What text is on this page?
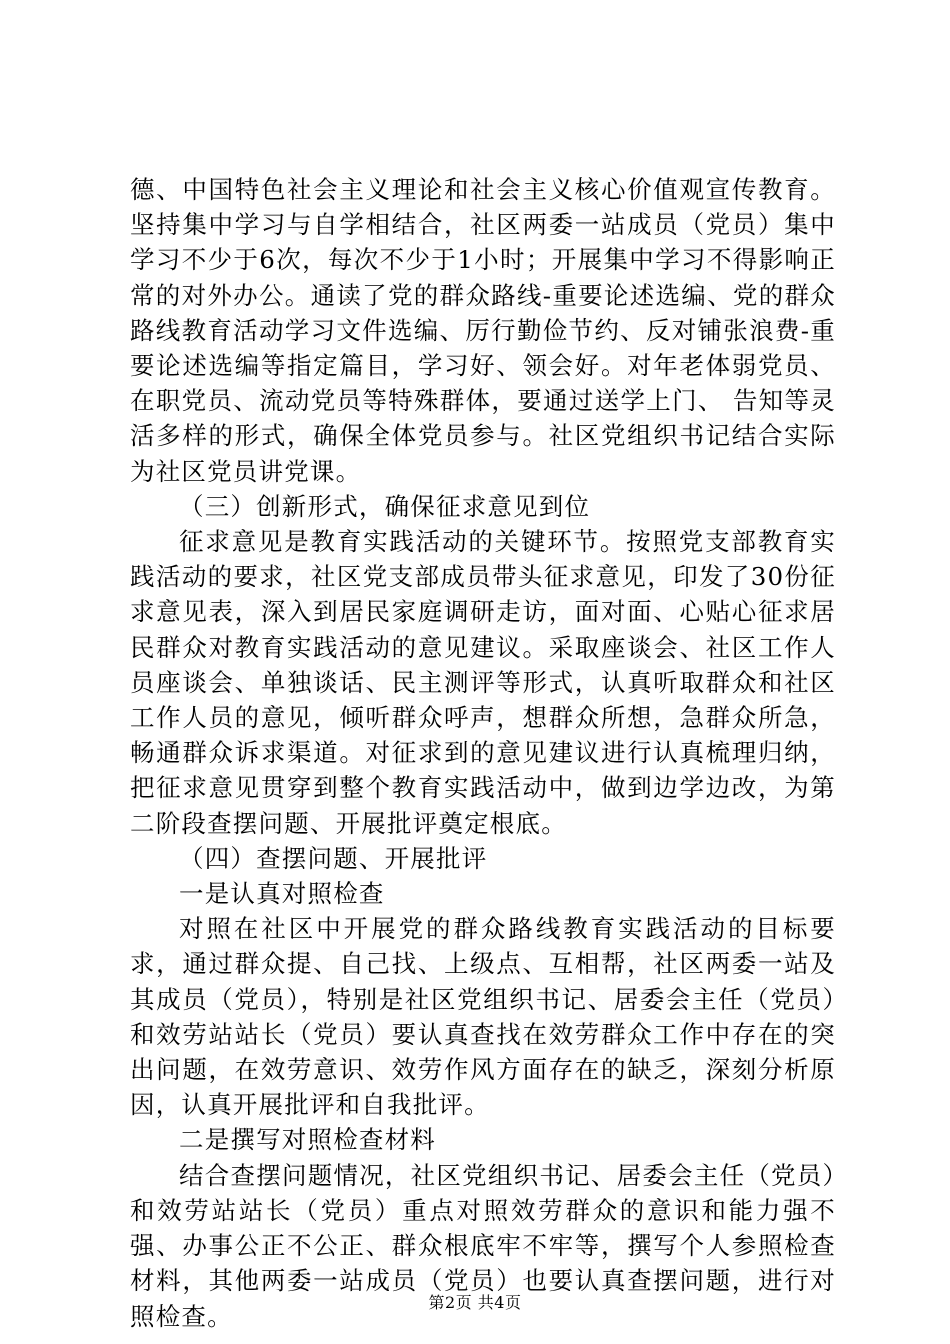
德、中国特色社会主义理论和社会主义核心价值观宣传教育。坚持集中学习与自学相结合，社区两委一站成员（党员）集中学习不少于6次，每次不少于1小时；开展集中学习不得影响正常的对外办公。通读了党的群众路线-重要论述选编、党的群众路线教育活动学习文件选编、厉行勤俭节约、反对铺张浪费-重要论述选编等指定篇目，学习好、领会好。对年老体弱党员、在职党员、流动党员等特殊群体，要通过送学上门、 告知等灵活多样的形式，确保全体党员参与。社区党组织书记结合实际为社区党员讲党课。

（三）创新形式，确保征求意见到位

征求意见是教育实践活动的关键环节。按照党支部教育实践活动的要求，社区党支部成员带头征求意见，印发了30份征求意见表，深入到居民家庭调研走访，面对面、心贴心征求居民群众对教育实践活动的意见建议。采取座谈会、社区工作人员座谈会、单独谈话、民主测评等形式，认真听取群众和社区工作人员的意见，倾听群众呼声，想群众所想，急群众所急，畅通群众诉求渠道。对征求到的意见建议进行认真梳理归纳，把征求意见贯穿到整个教育实践活动中，做到边学边改，为第二阶段查摆问题、开展批评奠定根底。

（四）查摆问题、开展批评

一是认真对照检查

对照在社区中开展党的群众路线教育实践活动的目标要求，通过群众提、自己找、上级点、互相帮，社区两委一站及其成员（党员），特别是社区党组织书记、居委会主任（党员）和效劳站站长（党员）要认真查找在效劳群众工作中存在的突出问题，在效劳意识、效劳作风方面存在的缺乏，深刻分析原因，认真开展批评和自我批评。

二是撰写对照检查材料

结合查摆问题情况，社区党组织书记、居委会主任（党员）和效劳站站长（党员）重点对照效劳群众的意识和能力强不强、办事公正不公正、群众根底牢不牢等，撰写个人参照检查材料，其他两委一站成员（党员）也要认真查摆问题，进行对照检查。	第2页 共4页
